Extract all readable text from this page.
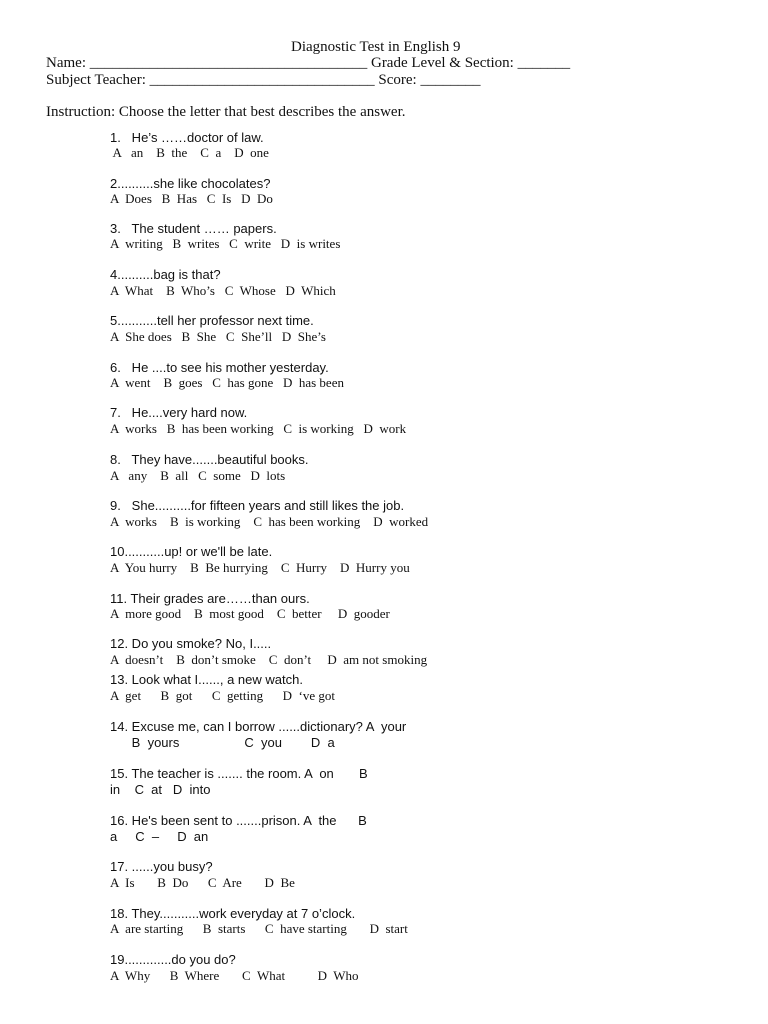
Diagnostic Test in English 9
Name: _____________________________________ Grade Level & Section: _______
Subject Teacher: ______________________________ Score: ________
Instruction: Choose the letter that best describes the answer.
1.   He’s ……doctor of law.
A   an    B  the    C  a    D  one
2..........she like chocolates?
A  Does   B  Has   C  Is   D  Do
3.   The student …… papers.
A  writing   B  writes   C  write   D  is writes
4..........bag is that?
A  What    B  Who’s   C  Whose   D  Which
5...........tell her professor next time.
A  She does   B  She   C  She’ll   D  She’s
6.   He ....to see his mother yesterday.
A  went    B  goes   C  has gone   D  has been
7.   He....very hard now.
A  works   B  has been working   C  is working   D  work
8.   They have.......beautiful books.
A   any    B  all   C  some   D  lots
9.   She..........for fifteen years and still likes the job.
A  works    B  is working    C  has been working    D  worked
10...........up! or we'll be late.
A  You hurry    B  Be hurrying    C  Hurry    D  Hurry you
11. Their grades are……than ours.
A  more good    B  most good    C  better     D  gooder
12. Do you smoke? No, I.....
A  doesn’t    B  don’t smoke    C  don’t     D  am not smoking
13. Look what I......, a new watch.
A  get      B  got      C  getting      D  ‘ve got
14. Excuse me, can I borrow ......dictionary? A  your
B  yours                  C  you        D  a
15. The teacher is ....... the room. A  on       B
in    C  at   D  into
16. He's been sent to .......prison. A  the      B
a     C  –     D  an
17. ......you busy?
A  Is       B  Do      C  Are       D  Be
18. They...........work everyday at 7 o’clock.
A  are starting      B  starts      C  have starting       D  start
19.............do you do?
A  Why      B  Where       C  What          D  Who
